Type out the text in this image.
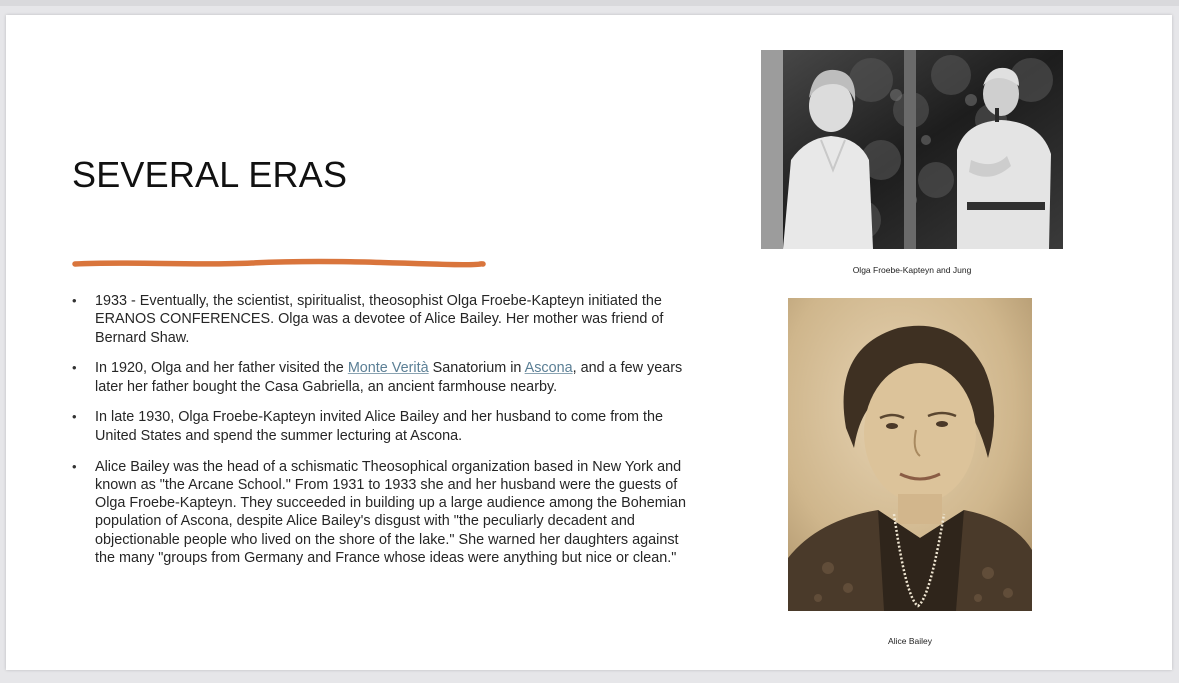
SEVERAL ERAS
• 1933 - Eventually, the scientist, spiritualist, theosophist Olga Froebe-Kapteyn initiated the ERANOS CONFERENCES. Olga was a devotee of Alice Bailey. Her mother was friend of Bernard Shaw.
• In 1920, Olga and her father visited the Monte Verità Sanatorium in Ascona, and a few years later her father bought the Casa Gabriella, an ancient farmhouse nearby.
• In late 1930, Olga Froebe-Kapteyn invited Alice Bailey and her husband to come from the United States and spend the summer lecturing at Ascona.
• Alice Bailey was the head of a schismatic Theosophical organization based in New York and known as "the Arcane School." From 1931 to 1933 she and her husband were the guests of Olga Froebe-Kapteyn. They succeeded in building up a large audience among the Bohemian population of Ascona, despite Alice Bailey's disgust with "the peculiarly decadent and objectionable people who lived on the shore of the lake." She warned her daughters against the many "groups from Germany and France whose ideas were anything but nice or clean."
Olga Froebe-Kapteyn and Jung
Alice Bailey
